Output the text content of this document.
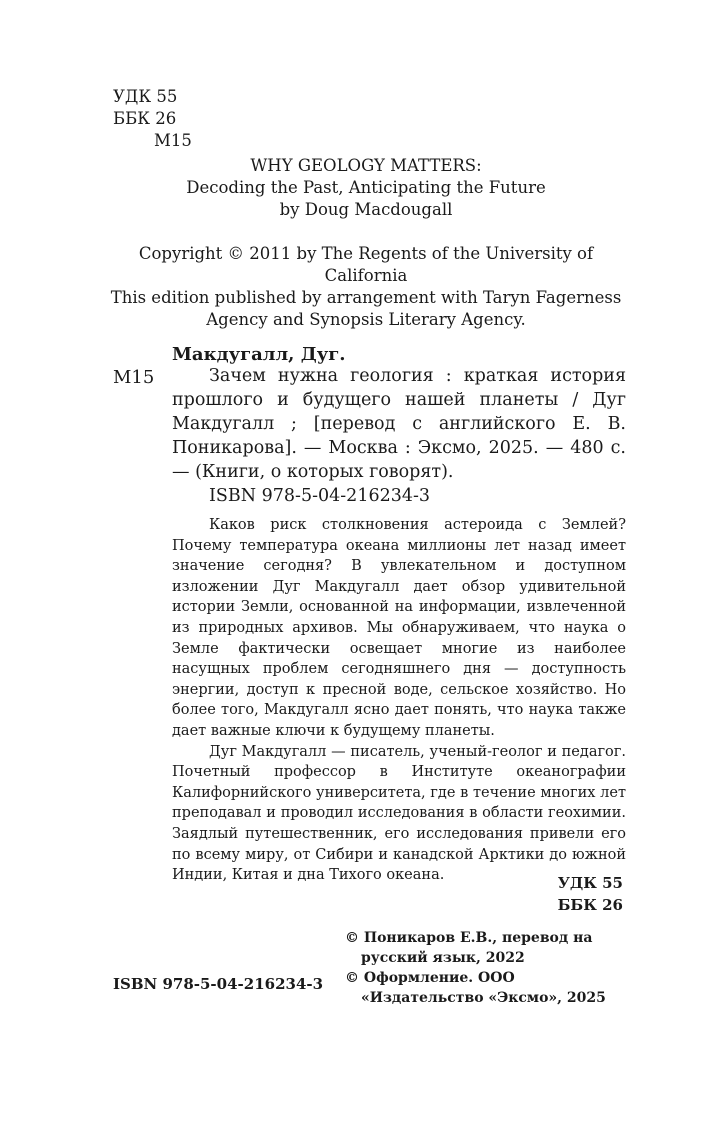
УДК 55
ББК 26
М15
WHY GEOLOGY MATTERS:
Decoding the Past, Anticipating the Future
by Doug Macdougall
Copyright © 2011 by The Regents of the University of California
This edition published by arrangement with Taryn Fagerness
Agency and Synopsis Literary Agency.
Макдугалл, Дуг.
М15	Зачем нужна геология : краткая история прошлого и будущего нашей планеты / Дуг Макдугалл ; [перевод с английского Е. В. Поникарова]. — Москва : Эксмо, 2025. — 480 с. — (Книги, о которых говорят).
ISBN 978-5-04-216234-3

Каков риск столкновения астероида с Землей? Почему температура океана миллионы лет назад имеет значение сегодня? В увлекательном и доступном изложении Дуг Макдугалл дает обзор удивительной истории Земли, основанной на информации, извлеченной из природных архивов. Мы обнаруживаем, что наука о Земле фактически освещает многие из наиболее насущных проблем сегодняшнего дня — доступность энергии, доступ к пресной воде, сельское хозяйство. Но более того, Макдугалл ясно дает понять, что наука также дает важные ключи к будущему планеты.

Дуг Макдугалл — писатель, ученый-геолог и педагог. Почетный профессор в Институте океанографии Калифорнийского университета, где в течение многих лет преподавал и проводил исследования в области геохимии. Заядлый путешественник, его исследования привели его по всему миру, от Сибири и канадской Арктики до южной Индии, Китая и дна Тихого океана.	УДК 55
ББК 26
ISBN 978-5-04-216234-3
© Поникаров Е.В., перевод на русский язык, 2022
© Оформление. ООО «Издательство «Эксмо», 2025
